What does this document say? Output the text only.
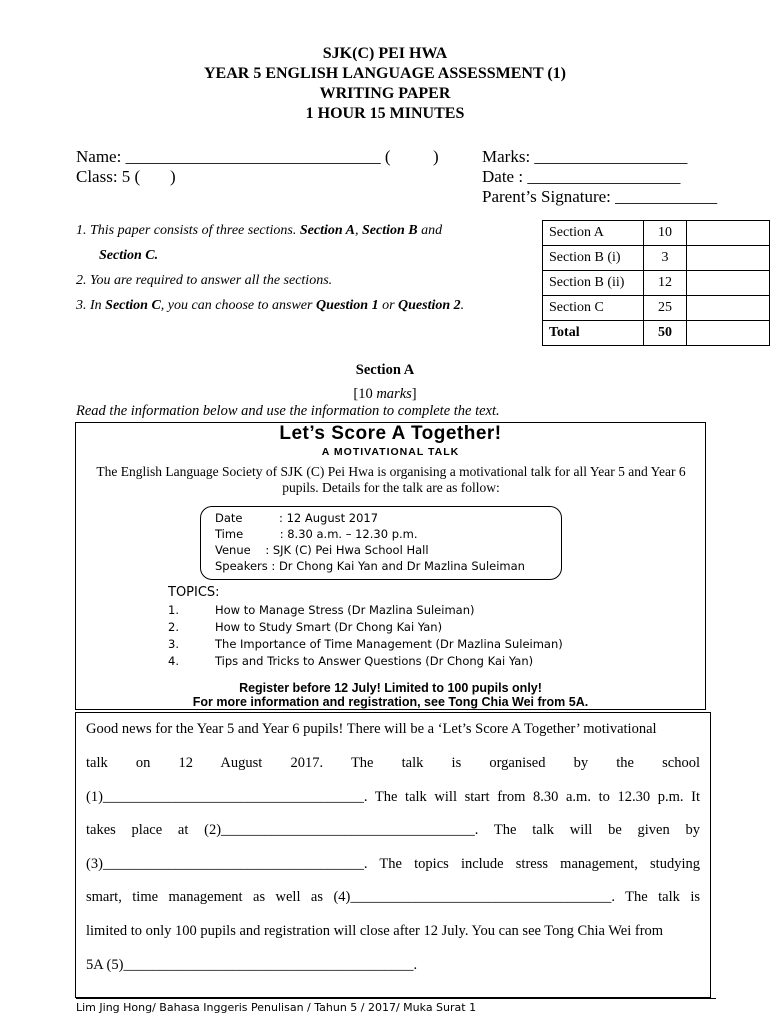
SJK(C) PEI HWA
YEAR 5 ENGLISH LANGUAGE ASSESSMENT (1)
WRITING PAPER
1 HOUR 15 MINUTES
Name: ______________________________ (          )
Class: 5 (       )
Marks: __________________
Date : __________________
Parent’s Signature: ____________
1. This paper consists of three sections. Section A, Section B and
Section C.
2. You are required to answer all the sections.
3. In Section C, you can choose to answer Question 1 or Question 2.
Section A	10	
Section B (i)	3	
Section B (ii)	12	
Section C	25	
Total	50	
Section A
[10 marks]
Read the information below and use the information to complete the text.
Let’s Score A Together!
A MOTIVATIONAL TALK
The English Language Society of SJK (C) Pei Hwa is organising a motivational talk for all Year 5 and Year 6 pupils. Details for the talk are as follow:
Date          : 12 August 2017
Time          : 8.30 a.m. – 12.30 p.m.
Venue    : SJK (C) Pei Hwa School Hall
Speakers : Dr Chong Kai Yan and Dr Mazlina Suleiman
TOPICS:
1.	How to Manage Stress (Dr Mazlina Suleiman)
2.	How to Study Smart (Dr Chong Kai Yan)
3.	The Importance of Time Management (Dr Mazlina Suleiman)
4.	Tips and Tricks to Answer Questions (Dr Chong Kai Yan)
Register before 12 July! Limited to 100 pupils only!
For more information and registration, see Tong Chia Wei from 5A.
Good news for the Year 5 and Year 6 pupils! There will be a ‘Let’s Score A Together’ motivational
talk on 12 August 2017. The talk is organised by the school
(1)____________________________________. The talk will start from 8.30 a.m. to 12.30 p.m. It
takes place at (2)___________________________________. The talk will be given by
(3)____________________________________. The topics include stress management, studying
smart, time management as well as (4)____________________________________. The talk is
limited to only 100 pupils and registration will close after 12 July. You can see Tong Chia Wei from
5A (5)________________________________________.
Lim Jing Hong/ Bahasa Inggeris Penulisan / Tahun 5 / 2017/ Muka Surat 1
